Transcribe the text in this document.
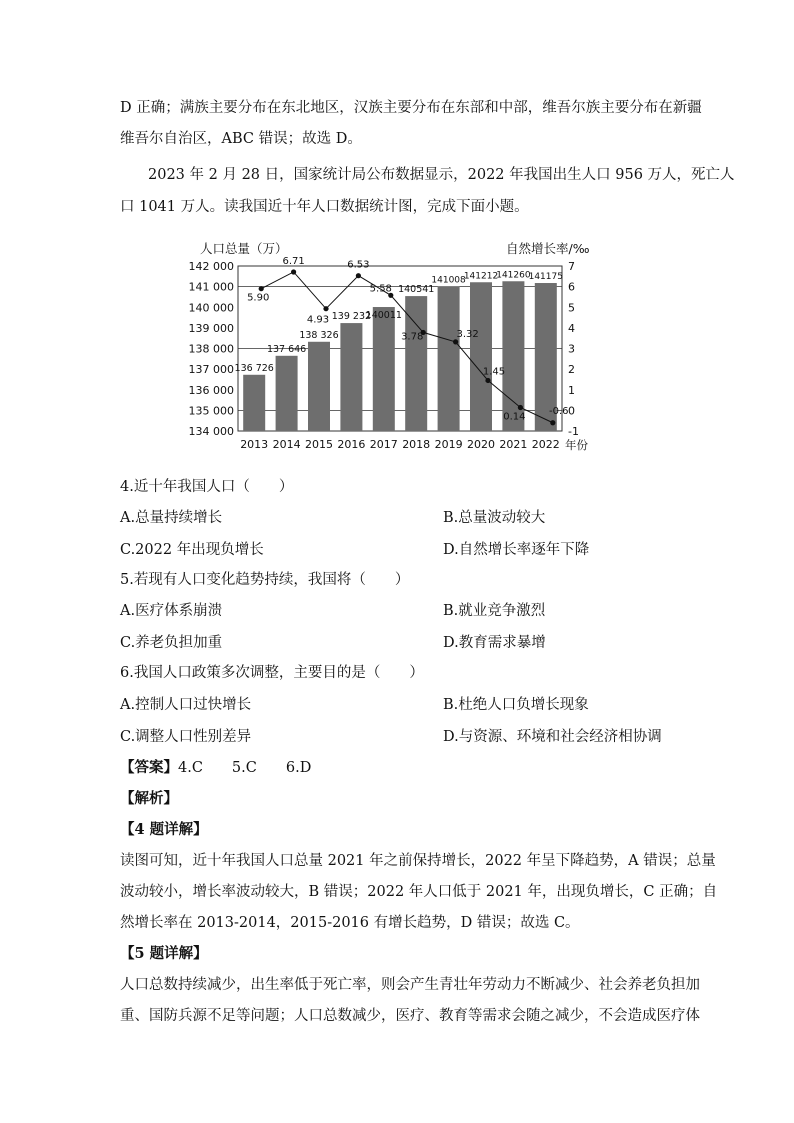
D 正确；满族主要分布在东北地区，汉族主要分布在东部和中部，维吾尔族主要分布在新疆
维吾尔自治区，ABC 错误；故选 D。
2023 年 2 月 28 日，国家统计局公布数据显示，2022 年我国出生人口 956 万人，死亡人
口 1041 万人。读我国近十年人口数据统计图，完成下面小题。
人口总量（万）	自然增长率/‰
142 000
141 000
140 000
139 000
138 000
137 000
136 000
135 000
134 000
7
6
5
4
3
2
1
0
-1
2013 2014 2015 2016 2017 2018 2019 2020 2021 2022 年份
136 726
137 646
138 326
139 232
140011
140541
141008
141212
141260
141175
5.90
6.71
4.93
6.53
5.58
3.78	3.32
1.45
0.14
-0.6
4.近十年我国人口（　　）
A.总量持续增长	B.总量波动较大
C.2022 年出现负增长	D.自然增长率逐年下降
5.若现有人口变化趋势持续，我国将（　　）
A.医疗体系崩溃	B.就业竞争激烈
C.养老负担加重	D.教育需求暴增
6.我国人口政策多次调整，主要目的是（　　）
A.控制人口过快增长	B.杜绝人口负增长现象
C.调整人口性别差异	D.与资源、环境和社会经济相协调
【答案】4.C　　5.C　　6.D
【解析】
【4 题详解】
读图可知，近十年我国人口总量 2021 年之前保持增长，2022 年呈下降趋势，A 错误；总量
波动较小，增长率波动较大，B 错误；2022 年人口低于 2021 年，出现负增长，C 正确；自
然增长率在 2013-2014，2015-2016 有增长趋势，D 错误；故选 C。
【5 题详解】
人口总数持续减少，出生率低于死亡率，则会产生青壮年劳动力不断减少、社会养老负担加
重、国防兵源不足等问题；人口总数减少，医疗、教育等需求会随之减少，不会造成医疗体
